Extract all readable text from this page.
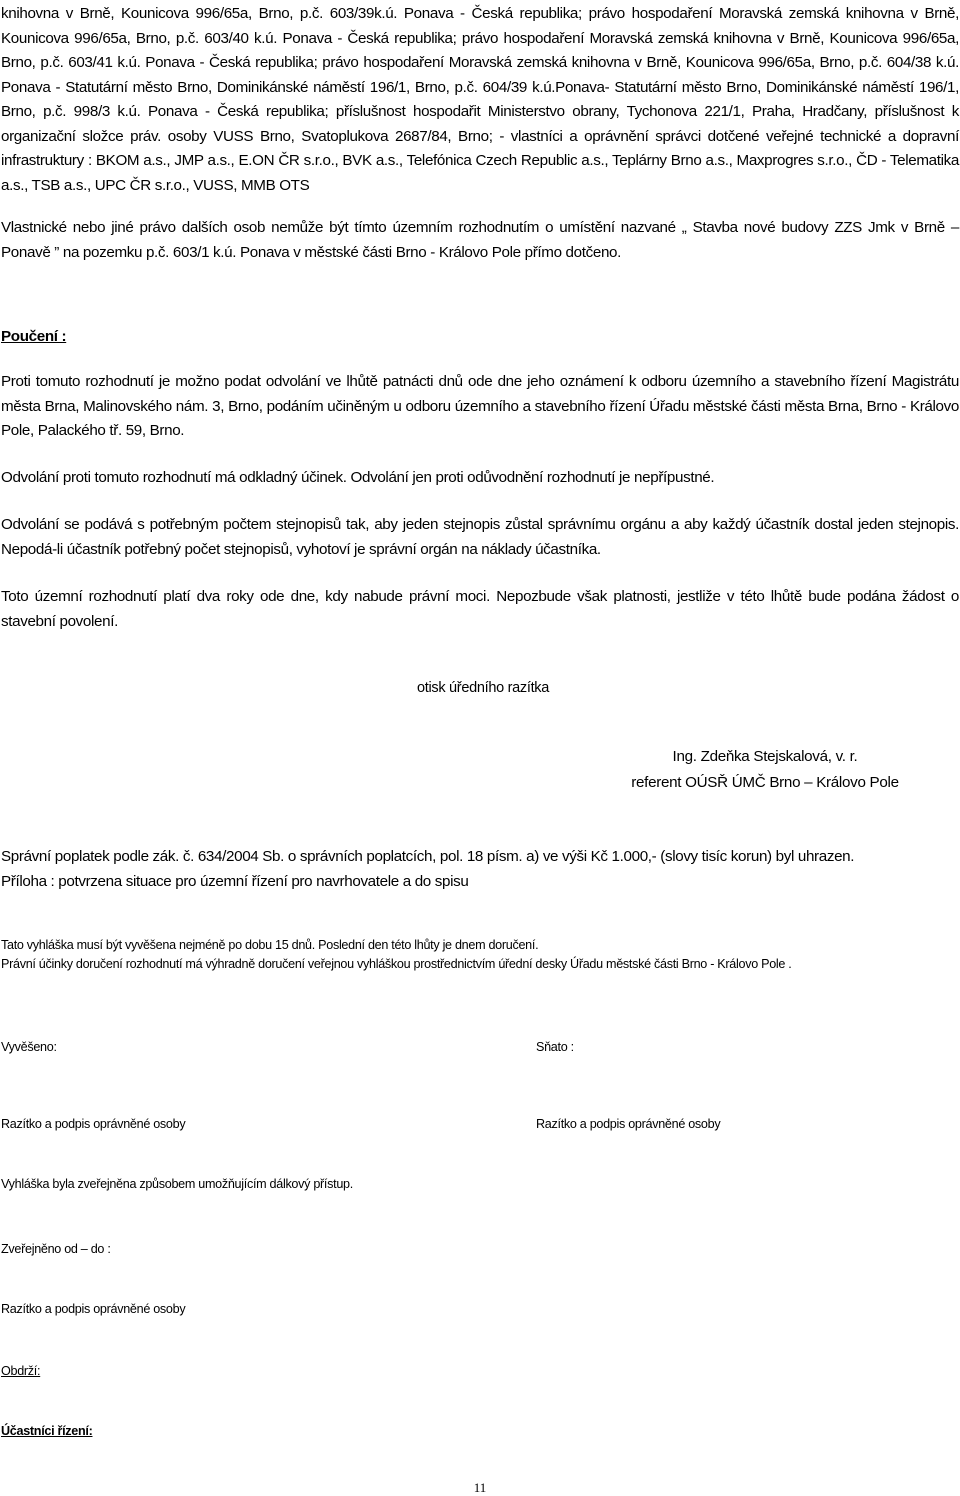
knihovna v Brně, Kounicova 996/65a, Brno, p.č. 603/39k.ú. Ponava - Česká republika; právo hospodaření Moravská zemská knihovna v Brně, Kounicova 996/65a, Brno, p.č. 603/40 k.ú. Ponava - Česká republika; právo hospodaření Moravská zemská knihovna v Brně, Kounicova 996/65a, Brno, p.č. 603/41 k.ú. Ponava - Česká republika; právo hospodaření Moravská zemská knihovna v Brně, Kounicova 996/65a, Brno, p.č. 604/38 k.ú. Ponava - Statutární město Brno, Dominikánské náměstí 196/1, Brno, p.č. 604/39 k.ú.Ponava- Statutární město Brno, Dominikánské náměstí 196/1, Brno, p.č. 998/3 k.ú. Ponava - Česká republika; příslušnost hospodařit Ministerstvo obrany, Tychonova 221/1, Praha, Hradčany, příslušnost k organizační složce práv. osoby VUSS Brno, Svatoplukova 2687/84, Brno; - vlastníci a oprávnění správci dotčené veřejné technické a dopravní infrastruktury : BKOM a.s., JMP a.s., E.ON ČR s.r.o., BVK a.s., Telefónica Czech Republic a.s., Teplárny Brno a.s., Maxprogres s.r.o., ČD - Telematika a.s., TSB a.s., UPC ČR s.r.o., VUSS, MMB OTS
Vlastnické nebo jiné právo dalších osob nemůže být tímto územním rozhodnutím o umístění nazvané „ Stavba nové budovy ZZS Jmk v Brně – Ponavě ” na pozemku p.č. 603/1 k.ú. Ponava v městské části Brno - Královo Pole přímo dotčeno.
Poučení :
Proti tomuto rozhodnutí je možno podat odvolání ve lhůtě patnácti dnů ode dne jeho oznámení k odboru územního a stavebního řízení Magistrátu města Brna, Malinovského nám. 3, Brno, podáním učiněným u odboru územního a stavebního řízení Úřadu městské části města Brna, Brno - Královo Pole, Palackého tř. 59, Brno.
Odvolání proti tomuto rozhodnutí má odkladný účinek. Odvolání jen proti odůvodnění rozhodnutí je nepřípustné.
Odvolání se podává s potřebným počtem stejnopisů tak, aby jeden stejnopis zůstal správnímu orgánu a aby každý účastník dostal jeden stejnopis. Nepodá-li účastník potřebný počet stejnopisů, vyhotoví je správní orgán na náklady účastníka.
Toto územní rozhodnutí platí dva roky ode dne, kdy nabude právní moci. Nepozbude však platnosti, jestliže v této lhůtě bude podána žádost o stavební povolení.
otisk úředního razítka
Ing. Zdeňka Stejskalová, v. r.
referent OÚSŘ ÚMČ Brno – Královo Pole
Správní poplatek podle zák. č. 634/2004 Sb. o správních poplatcích, pol. 18 písm. a) ve výši Kč 1.000,- (slovy tisíc korun) byl uhrazen.
Příloha : potvrzena situace pro územní řízení pro navrhovatele a do spisu
Tato vyhláška musí být vyvěšena nejméně po dobu 15 dnů. Poslední den této lhůty je dnem doručení.
Právní účinky doručení rozhodnutí má výhradně doručení veřejnou vyhláškou prostřednictvím úřední desky Úřadu městské části Brno - Královo Pole .
Vyvěšeno:	Sňato :
Razítko a podpis oprávněné osoby	Razítko a podpis oprávněné osoby
Vyhláška byla zveřejněna způsobem umožňujícím dálkový přístup.
Zveřejněno od – do :
Razítko a podpis oprávněné osoby
Obdrží:
Účastníci řízení:
11
